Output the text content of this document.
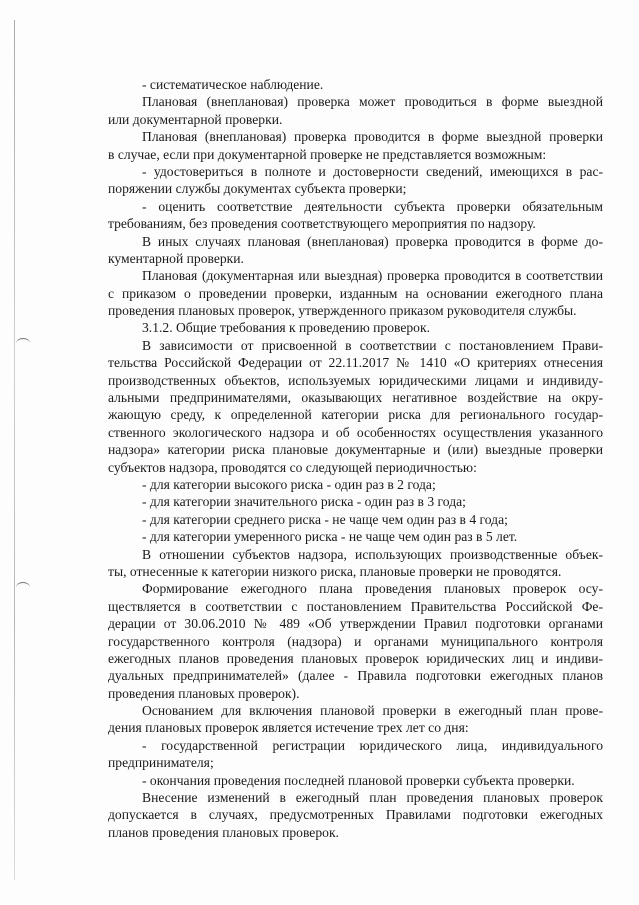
- систематическое наблюдение.
Плановая (внеплановая) проверка может проводиться в форме выездной
или документарной проверки.
Плановая (внеплановая) проверка проводится в форме выездной проверки
в случае, если при документарной проверке не представляется возможным:
- удостовериться в полноте и достоверности сведений, имеющихся в рас-
поряжении службы документах субъекта проверки;
- оценить соответствие деятельности субъекта проверки обязательным
требованиям, без проведения соответствующего мероприятия по надзору.
В иных случаях плановая (внеплановая) проверка проводится в форме до-
кументарной проверки.
Плановая (документарная или выездная) проверка проводится в соответствии
с приказом о проведении проверки, изданным на основании ежегодного плана
проведения плановых проверок, утвержденного приказом руководителя службы.
3.1.2. Общие требования к проведению проверок.
В зависимости от присвоенной в соответствии с постановлением Прави-
тельства Российской Федерации от 22.11.2017 № 1410 «О критериях отнесения
производственных объектов, используемых юридическими лицами и индивиду-
альными предпринимателями, оказывающих негативное воздействие на окру-
жающую среду, к определенной категории риска для регионального государ-
ственного экологического надзора и об особенностях осуществления указанного
надзора» категории риска плановые документарные и (или) выездные проверки
субъектов надзора, проводятся со следующей периодичностью:
- для категории высокого риска - один раз в 2 года;
- для категории значительного риска - один раз в 3 года;
- для категории среднего риска - не чаще чем один раз в 4 года;
- для категории умеренного риска - не чаще чем один раз в 5 лет.
В отношении субъектов надзора, использующих производственные объек-
ты, отнесенные к категории низкого риска, плановые проверки не проводятся.
Формирование ежегодного плана проведения плановых проверок осу-
ществляется в соответствии с постановлением Правительства Российской Фе-
дерации от 30.06.2010 № 489 «Об утверждении Правил подготовки органами
государственного контроля (надзора) и органами муниципального контроля
ежегодных планов проведения плановых проверок юридических лиц и индиви-
дуальных предпринимателей» (далее - Правила подготовки ежегодных планов
проведения плановых проверок).
Основанием для включения плановой проверки в ежегодный план прове-
дения плановых проверок является истечение трех лет со дня:
- государственной регистрации юридического лица, индивидуального
предпринимателя;
- окончания проведения последней плановой проверки субъекта проверки.
Внесение изменений в ежегодный план проведения плановых проверок
допускается в случаях, предусмотренных Правилами подготовки ежегодных
планов проведения плановых проверок.
